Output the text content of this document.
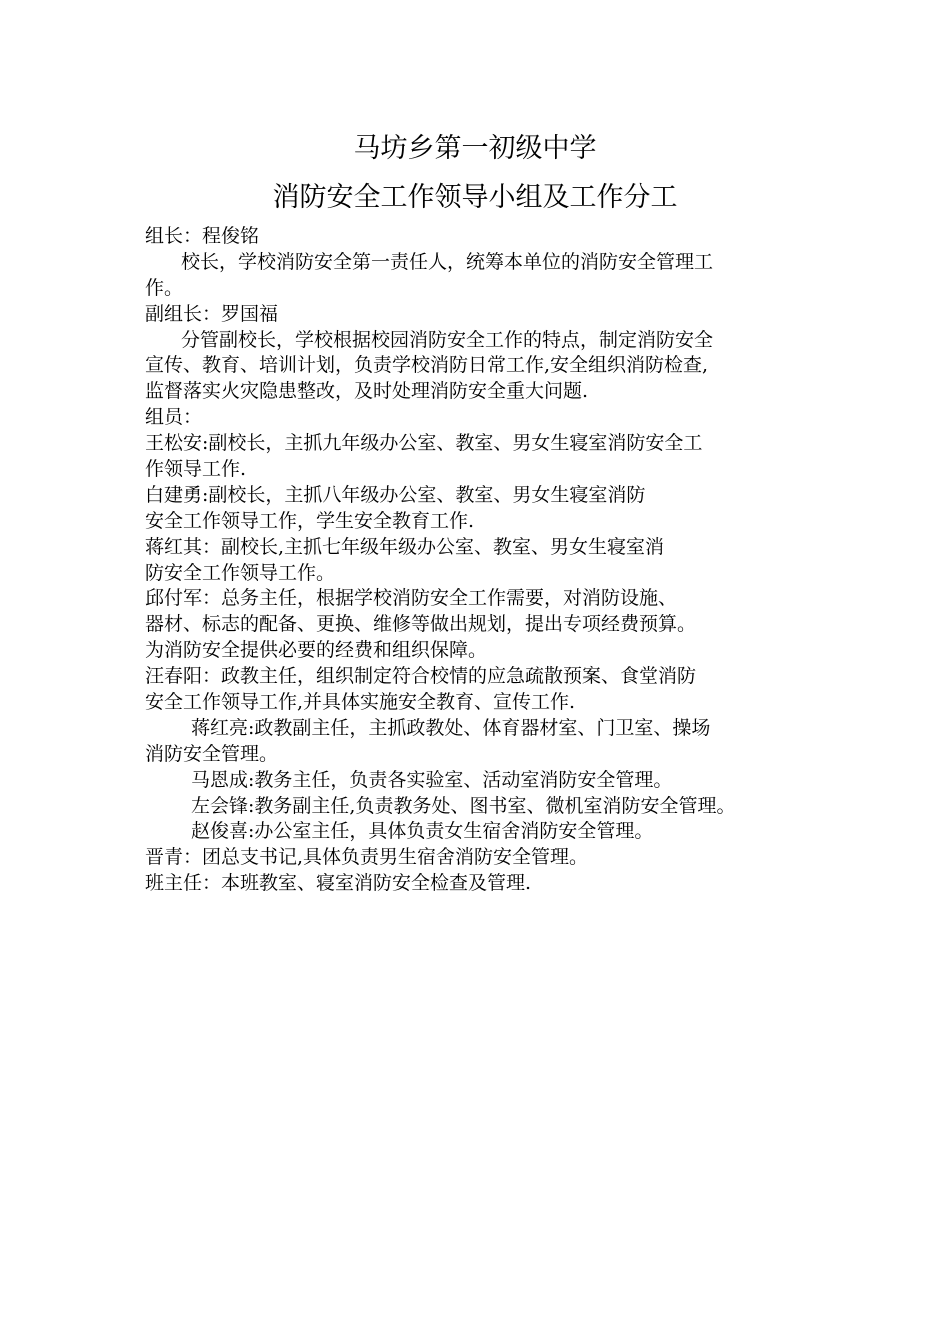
马坊乡第一初级中学
消防安全工作领导小组及工作分工
组长：程俊铭
校长，学校消防安全第一责任人，统筹本单位的消防安全管理工
作。
副组长：罗国福
分管副校长，学校根据校园消防安全工作的特点，制定消防安全
宣传、教育、培训计划，负责学校消防日常工作,安全组织消防检查,
监督落实火灾隐患整改，及时处理消防安全重大问题.
组员：
王松安:副校长，主抓九年级办公室、教室、男女生寝室消防安全工
作领导工作.
白建勇:副校长，主抓八年级办公室、教室、男女生寝室消防
安全工作领导工作，学生安全教育工作.
蒋红其：副校长,主抓七年级年级办公室、教室、男女生寝室消
防安全工作领导工作。
邱付军：总务主任，根据学校消防安全工作需要，对消防设施、
器材、标志的配备、更换、维修等做出规划，提出专项经费预算。
为消防安全提供必要的经费和组织保障。
汪春阳：政教主任，组织制定符合校情的应急疏散预案、食堂消防
安全工作领导工作,并具体实施安全教育、宣传工作.
蒋红亮:政教副主任，主抓政教处、体育器材室、门卫室、操场
消防安全管理。
马恩成:教务主任，负责各实验室、活动室消防安全管理。
左会锋:教务副主任,负责教务处、图书室、微机室消防安全管理。
赵俊喜:办公室主任，具体负责女生宿舍消防安全管理。
晋青：团总支书记,具体负责男生宿舍消防安全管理。
班主任：本班教室、寝室消防安全检查及管理.
